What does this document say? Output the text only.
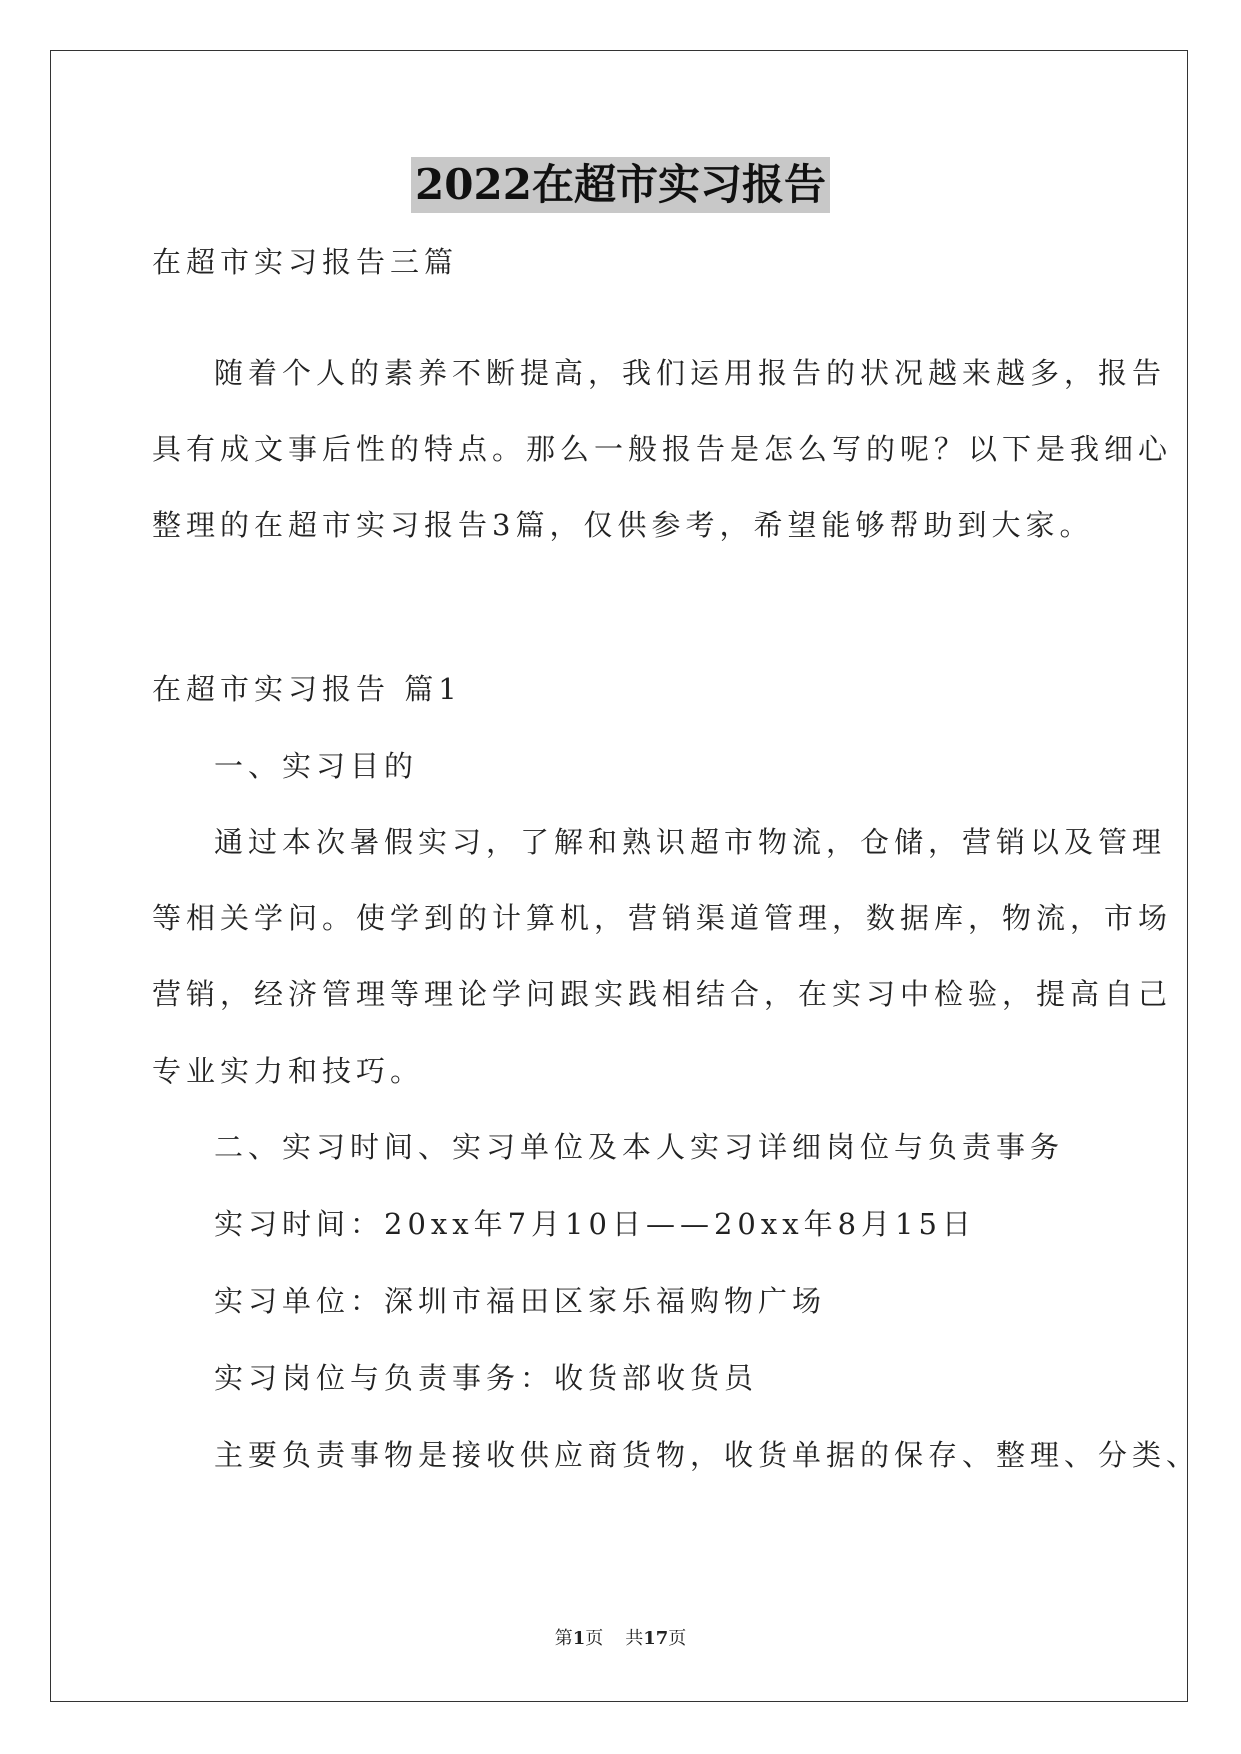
2022在超市实习报告
在超市实习报告三篇
随着个人的素养不断提高，我们运用报告的状况越来越多，报告
具有成文事后性的特点。那么一般报告是怎么写的呢？以下是我细心
整理的在超市实习报告3篇，仅供参考，希望能够帮助到大家。
在超市实习报告 篇1
一、实习目的
通过本次暑假实习，了解和熟识超市物流，仓储，营销以及管理
等相关学问。使学到的计算机，营销渠道管理，数据库，物流，市场
营销，经济管理等理论学问跟实践相结合，在实习中检验，提高自己
专业实力和技巧。
二、实习时间、实习单位及本人实习详细岗位与负责事务
实习时间：20xx年7月10日——20xx年8月15日
实习单位：深圳市福田区家乐福购物广场
实习岗位与负责事务：收货部收货员
主要负责事物是接收供应商货物，收货单据的保存、整理、分类、
第1页 共17页
